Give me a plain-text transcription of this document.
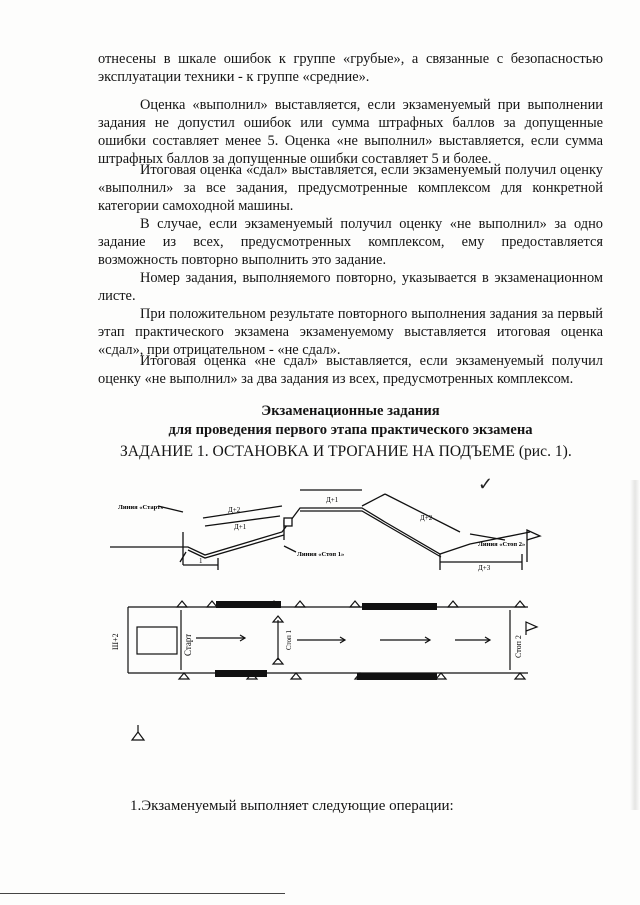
отнесены в шкале ошибок к группе «грубые», а связанные с безопасностью эксплуатации техники - к группе «средние».

Оценка «выполнил» выставляется, если экзаменуемый при выполнении задания не допустил ошибок или сумма штрафных баллов за допущенные ошибки составляет менее 5. Оценка «не выполнил» выставляется, если сумма штрафных баллов за допущенные ошибки составляет 5 и более.

Итоговая оценка «сдал» выставляется, если экзаменуемый получил оценку «выполнил» за все задания, предусмотренные комплексом для конкретной категории самоходной машины.

В случае, если экзаменуемый получил оценку «не выполнил» за одно задание из всех, предусмотренных комплексом, ему предоставляется возможность повторно выполнить это задание.

Номер задания, выполняемого повторно, указывается в экзаменационном листе.

При положительном результате повторного выполнения задания за первый этап практического экзамена экзаменуемому выставляется итоговая оценка «сдал», при отрицательном - «не сдал».

Итоговая оценка «не сдал» выставляется, если экзаменуемый получил оценку «не выполнил» за два задания из всех, предусмотренных комплексом.

Экзаменационные задания

для проведения первого этапа практического экзамена

ЗАДАНИЕ 1. ОСТАНОВКА И ТРОГАНИЕ НА ПОДЪЕМЕ (рис. 1).

Линия «Старт»
Линия «Стоп 1»
Линия «Стоп 2»
Д+2
Д+1
Д+1
Д+2
Д+3
1
✓
Ш+2	Старт	Стоп 1	Стоп 2

1.Экзаменуемый выполняет следующие операции:
